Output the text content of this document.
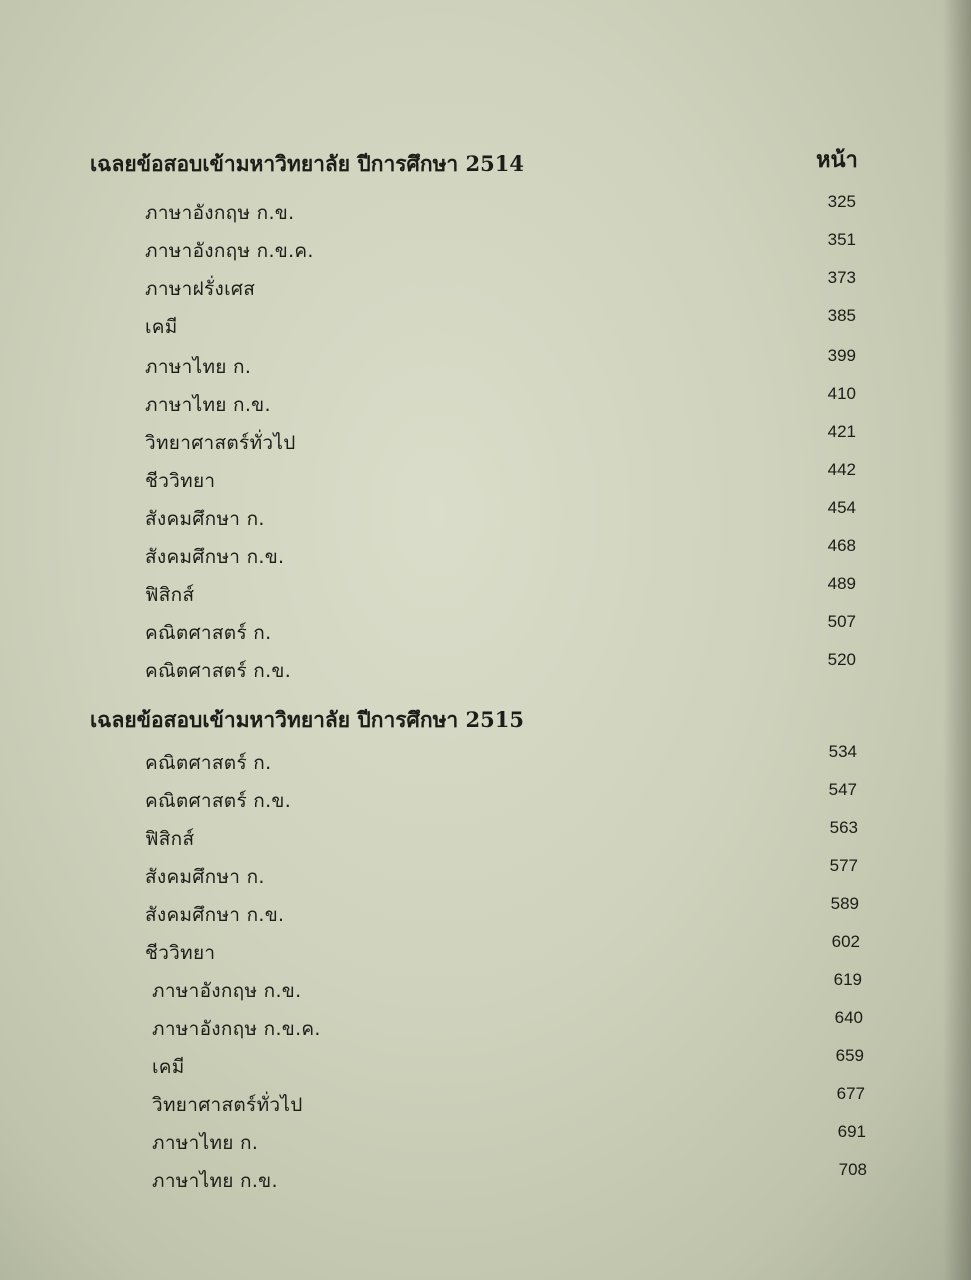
หน้า
เฉลยข้อสอบเข้ามหาวิทยาลัย ปีการศึกษา 2514
ภาษาอังกฤษ ก.ข.
325
ภาษาอังกฤษ ก.ข.ค.
351
ภาษาฝรั่งเศส
373
เคมี
385
ภาษาไทย ก.
399
ภาษาไทย ก.ข.
410
วิทยาศาสตร์ทั่วไป
421
ชีววิทยา
442
สังคมศึกษา ก.
454
สังคมศึกษา ก.ข.
468
ฟิสิกส์
489
คณิตศาสตร์ ก.
507
คณิตศาสตร์ ก.ข.
520
เฉลยข้อสอบเข้ามหาวิทยาลัย ปีการศึกษา 2515
คณิตศาสตร์ ก.
534
คณิตศาสตร์ ก.ข.
547
ฟิสิกส์
563
สังคมศึกษา ก.
577
สังคมศึกษา ก.ข.
589
ชีววิทยา
602
ภาษาอังกฤษ ก.ข.
619
ภาษาอังกฤษ ก.ข.ค.
640
เคมี
659
วิทยาศาสตร์ทั่วไป
677
ภาษาไทย ก.
691
ภาษาไทย ก.ข.
708
